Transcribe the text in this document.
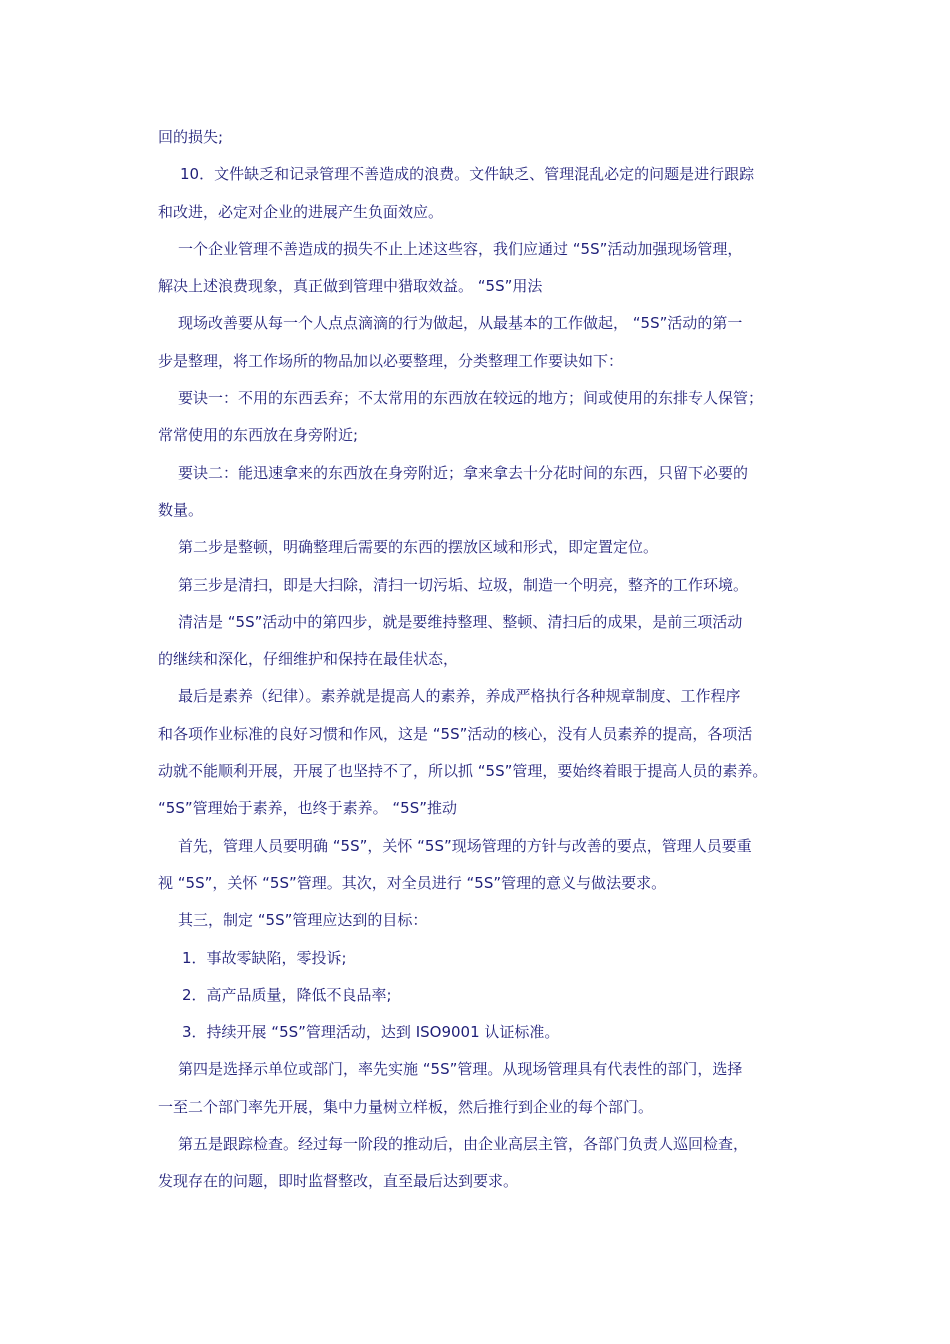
回的损失;
10．文件缺乏和记录管理不善造成的浪费。文件缺乏、管理混乱必定的问题是进行跟踪
和改进，必定对企业的进展产生负面效应。
一个企业管理不善造成的损失不止上述这些容，我们应通过 “5S”活动加强现场管理，
解决上述浪费现象，真正做到管理中猎取效益。 “5S”用法
现场改善要从每一个人点点滴滴的行为做起，从最基本的工作做起， “5S”活动的第一
步是整理，将工作场所的物品加以必要整理，分类整理工作要诀如下：
要诀一：不用的东西丢弃；不太常用的东西放在较远的地方；间或使用的东排专人保管；
常常使用的东西放在身旁附近;
要诀二：能迅速拿来的东西放在身旁附近；拿来拿去十分花时间的东西，只留下必要的
数量。
第二步是整顿，明确整理后需要的东西的摆放区域和形式，即定置定位。
第三步是清扫，即是大扫除，清扫一切污垢、垃圾，制造一个明亮，整齐的工作环境。
清洁是 “5S”活动中的第四步，就是要维持整理、整顿、清扫后的成果，是前三项活动
的继续和深化，仔细维护和保持在最佳状态，
最后是素养（纪律）。素养就是提高人的素养，养成严格执行各种规章制度、工作程序
和各项作业标准的良好习惯和作风，这是 “5S”活动的核心，没有人员素养的提高，各项活
动就不能顺利开展，开展了也坚持不了，所以抓 “5S”管理，要始终着眼于提高人员的素养。
“5S”管理始于素养，也终于素养。 “5S”推动
首先，管理人员要明确 “5S”，关怀 “5S”现场管理的方针与改善的要点，管理人员要重
视 “5S”，关怀 “5S”管理。其次，对全员进行 “5S”管理的意义与做法要求。
其三，制定 “5S”管理应达到的目标：
1．事故零缺陷，零投诉;
2．高产品质量，降低不良品率;
3．持续开展 “5S”管理活动，达到 ISO9001 认证标准。
第四是选择示单位或部门，率先实施 “5S”管理。从现场管理具有代表性的部门，选择
一至二个部门率先开展，集中力量树立样板，然后推行到企业的每个部门。
第五是跟踪检查。经过每一阶段的推动后，由企业高层主管，各部门负责人巡回检查，
发现存在的问题，即时监督整改，直至最后达到要求。
